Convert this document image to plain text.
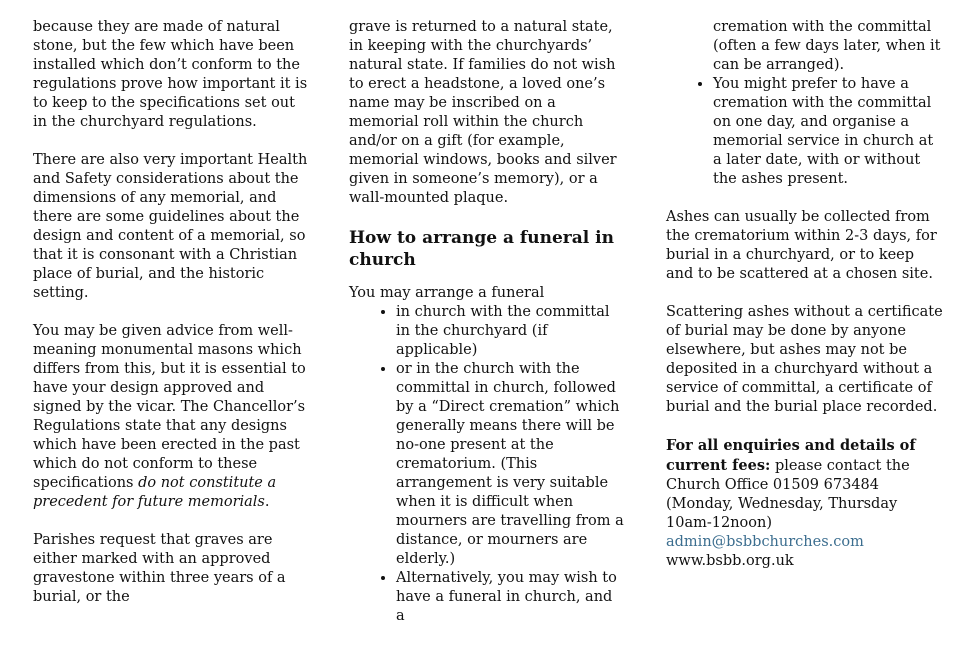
because they are made of natural stone, but the few which have been installed which don’t conform to the regulations prove how important it is to keep to the specifications set out in the churchyard regulations.

There are also very important Health and Safety considerations about the dimensions of any memorial, and there are some guidelines about the design and content of a memorial, so that it is consonant with a Christian place of burial, and the historic setting.

You may be given advice from well-meaning monumental masons which differs from this, but it is essential to have your design approved and signed by the vicar. The Chancellor’s Regulations state that any designs which have been erected in the past which do not conform to these specifications do not constitute a precedent for future memorials.

Parishes request that graves are either marked with an approved gravestone within three years of a burial, or the

grave is returned to a natural state, in keeping with the churchyards’ natural state. If families do not wish to erect a headstone, a loved one’s name may be inscribed on a memorial roll within the church and/or on a gift (for example, memorial windows, books and silver given in someone’s memory), or a wall-mounted plaque.

How to arrange a funeral in church
You may arrange a funeral
• in church with the committal in the churchyard (if applicable)
• or in the church with the committal in church, followed by a “Direct cremation” which generally means there will be no-one present at the crematorium. (This arrangement is very suitable when it is difficult when mourners are travelling from a distance, or mourners are elderly.)
• Alternatively, you may wish to have a funeral in church, and a
cremation with the committal (often a few days later, when it can be arranged).
• You might prefer to have a cremation with the committal on one day, and organise a memorial service in church at a later date, with or without the ashes present.

Ashes can usually be collected from the crematorium within 2-3 days, for burial in a churchyard, or to keep and to be scattered at a chosen site.

Scattering ashes without a certificate of burial may be done by anyone elsewhere, but ashes may not be deposited in a churchyard without a service of committal, a certificate of burial and the burial place recorded.

For all enquiries and details of current fees: please contact the Church Office 01509 673484 (Monday, Wednesday, Thursday 10am-12noon)
admin@bsbbchurches.com
www.bsbb.org.uk
